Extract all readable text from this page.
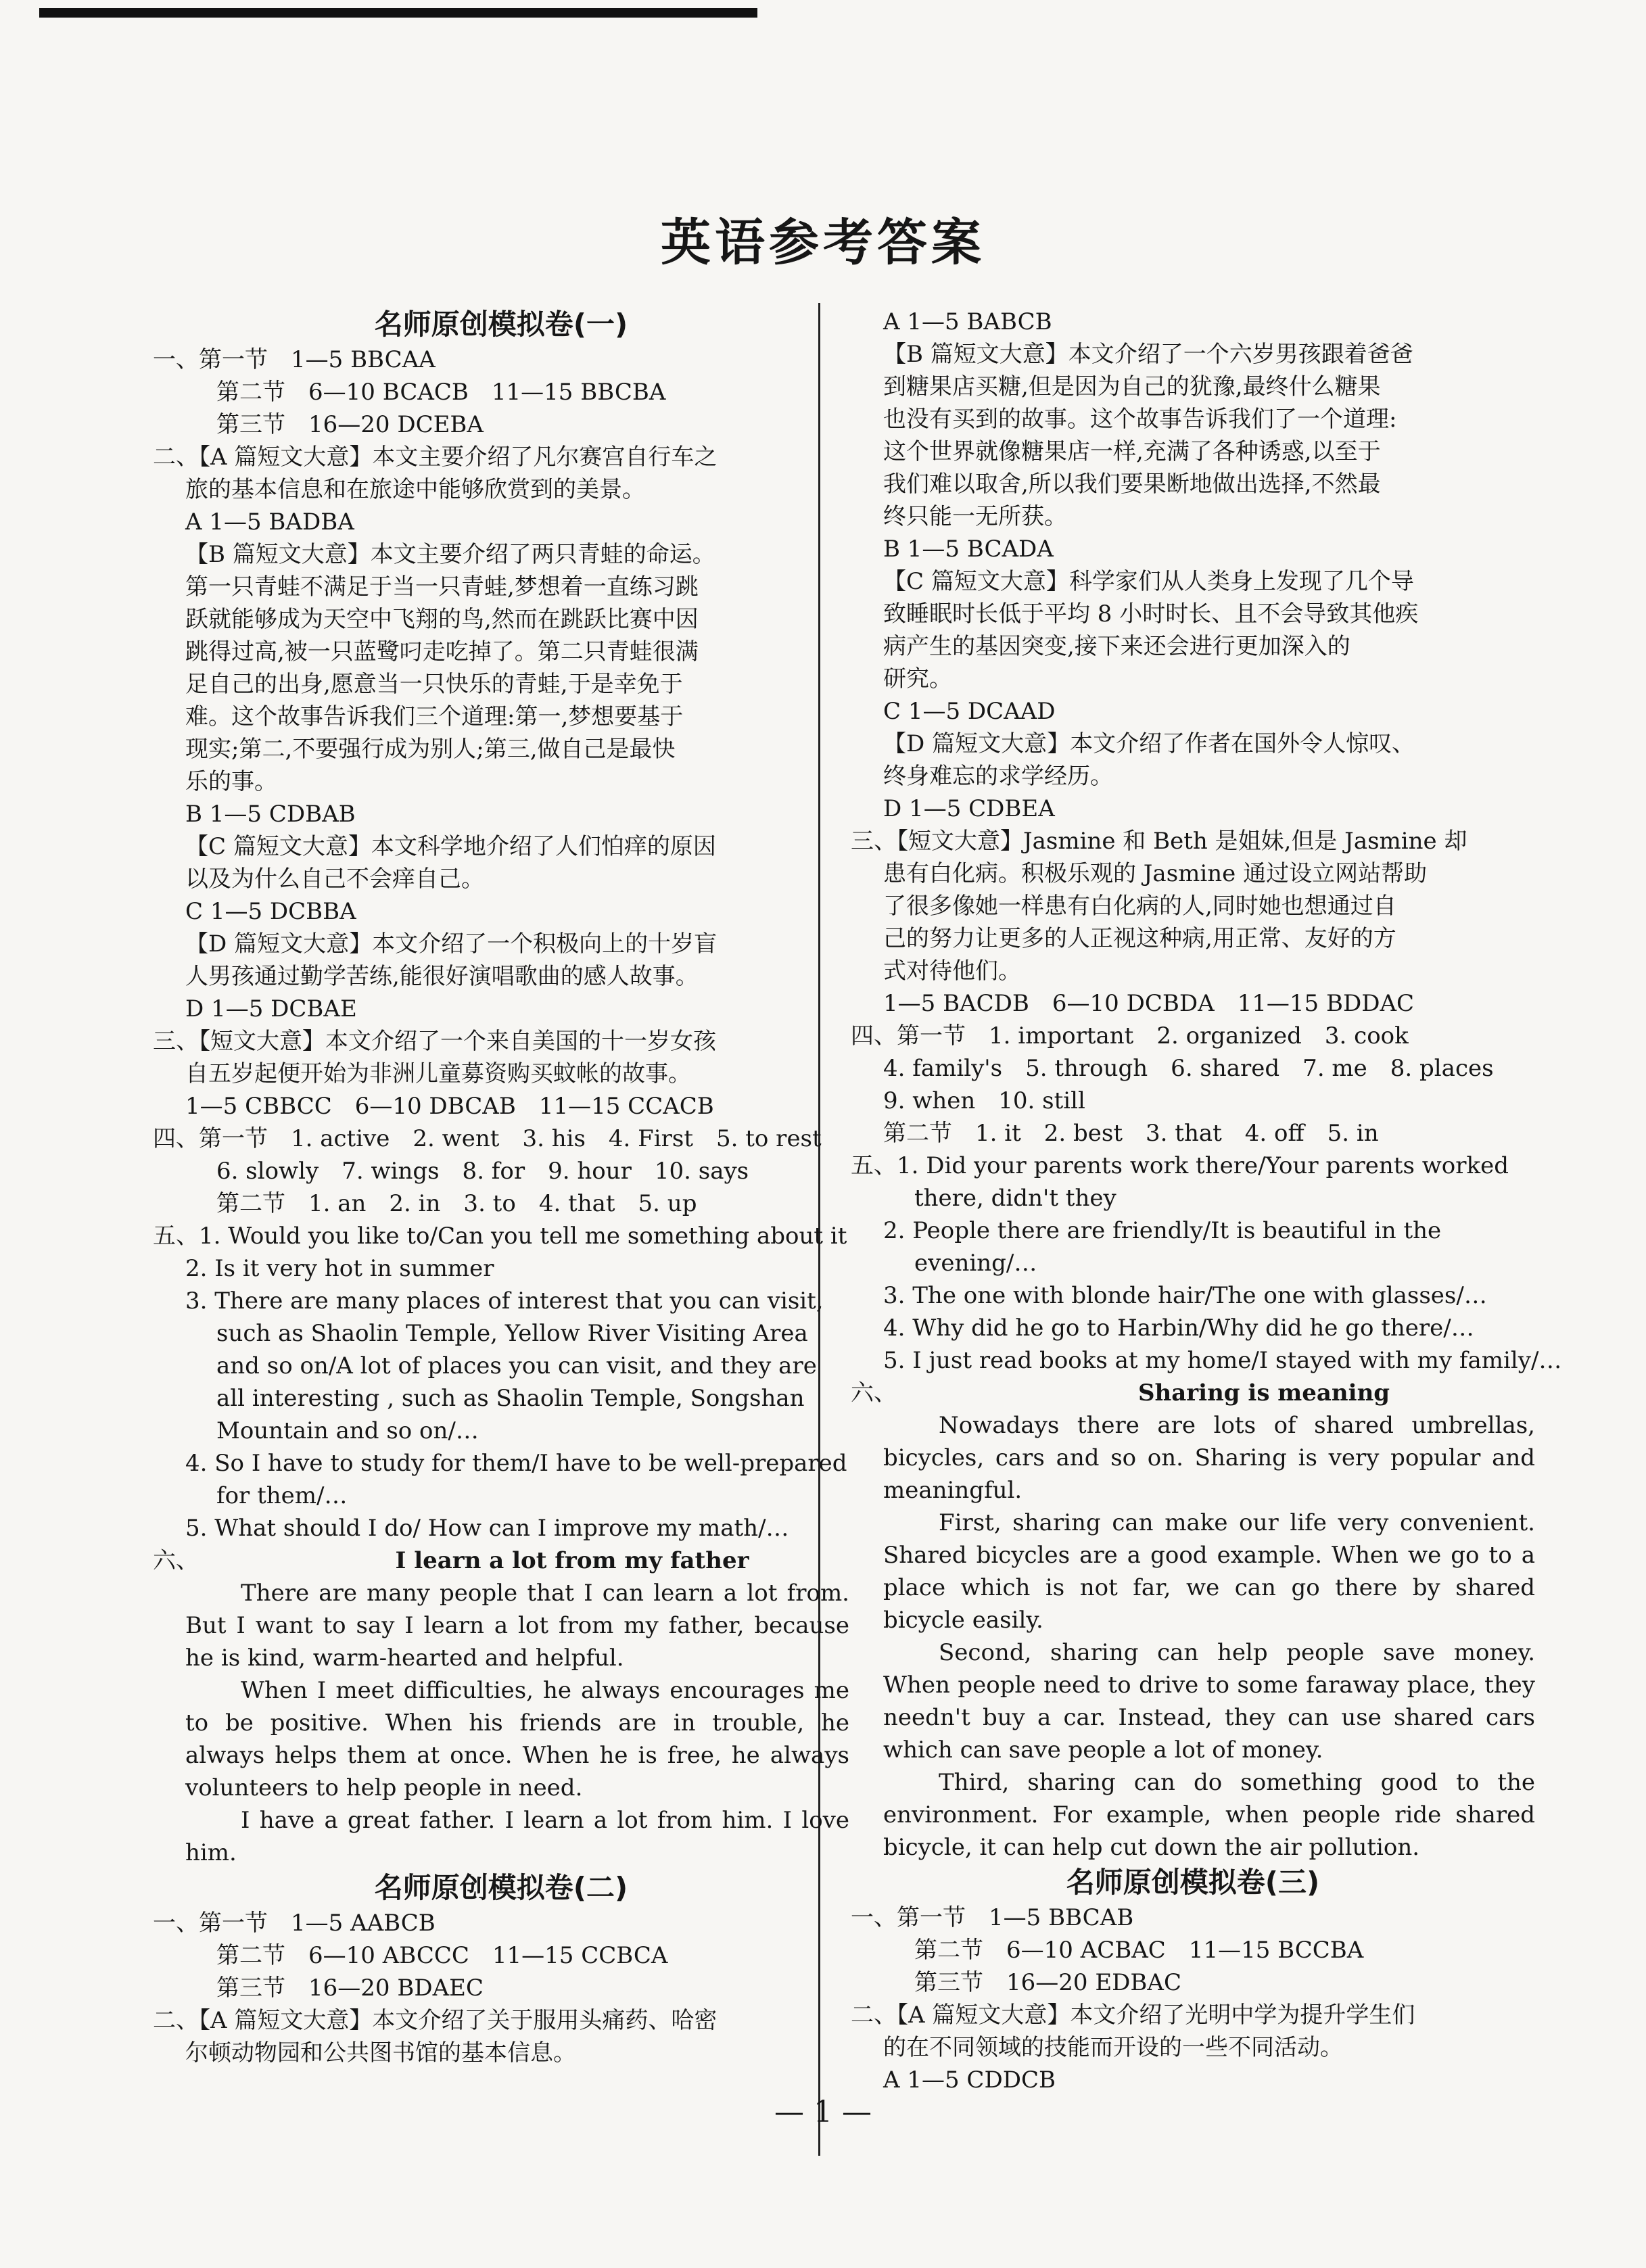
英语参考答案

名师原创模拟卷(一)

一、第一节　1—5 BBCAA

第二节　6—10 BCACB　11—15 BBCBA

第三节　16—20 DCEBA

二、【A 篇短文大意】本文主要介绍了凡尔赛宫自行车之

旅的基本信息和在旅途中能够欣赏到的美景。

A 1—5 BADBA

【B 篇短文大意】本文主要介绍了两只青蛙的命运。

第一只青蛙不满足于当一只青蛙,梦想着一直练习跳

跃就能够成为天空中飞翔的鸟,然而在跳跃比赛中因

跳得过高,被一只蓝鹭叼走吃掉了。第二只青蛙很满

足自己的出身,愿意当一只快乐的青蛙,于是幸免于

难。这个故事告诉我们三个道理:第一,梦想要基于

现实;第二,不要强行成为别人;第三,做自己是最快

乐的事。

B 1—5 CDBAB

【C 篇短文大意】本文科学地介绍了人们怕痒的原因

以及为什么自己不会痒自己。

C 1—5 DCBBA

【D 篇短文大意】本文介绍了一个积极向上的十岁盲

人男孩通过勤学苦练,能很好演唱歌曲的感人故事。

D 1—5 DCBAE

三、【短文大意】本文介绍了一个来自美国的十一岁女孩

自五岁起便开始为非洲儿童募资购买蚊帐的故事。

1—5 CBBCC　6—10 DBCAB　11—15 CCACB

四、第一节　1. active　2. went　3. his　4. First　5. to rest

6. slowly　7. wings　8. for　9. hour　10. says

第二节　1. an　2. in　3. to　4. that　5. up

五、1. Would you like to/Can you tell me something about it

2. Is it very hot in summer

3. There are many places of interest that you can visit,

such as Shaolin Temple, Yellow River Visiting Area

and so on/A lot of places you can visit, and they are

all interesting , such as Shaolin Temple, Songshan

Mountain and so on/…

4. So I have to study for them/I have to be well-prepared

for them/…

5. What should I do/ How can I improve my math/…

六、	I learn a lot from my father

There are many people that I can learn a lot from. But I want to say I learn a lot from my father, because he is kind, warm-hearted and helpful.

When I meet difficulties, he always encourages me to be positive. When his friends are in trouble, he always helps them at once. When he is free, he always volunteers to help people in need.

I have a great father. I learn a lot from him. I love him.

名师原创模拟卷(二)

一、第一节　1—5 AABCB

第二节　6—10 ABCCC　11—15 CCBCA

第三节　16—20 BDAEC

二、【A 篇短文大意】本文介绍了关于服用头痛药、哈密

尔顿动物园和公共图书馆的基本信息。

A 1—5 BABCB

【B 篇短文大意】本文介绍了一个六岁男孩跟着爸爸

到糖果店买糖,但是因为自己的犹豫,最终什么糖果

也没有买到的故事。这个故事告诉我们了一个道理:

这个世界就像糖果店一样,充满了各种诱惑,以至于

我们难以取舍,所以我们要果断地做出选择,不然最

终只能一无所获。

B 1—5 BCADA

【C 篇短文大意】科学家们从人类身上发现了几个导

致睡眠时长低于平均 8 小时时长、且不会导致其他疾

病产生的基因突变,接下来还会进行更加深入的

研究。

C 1—5 DCAAD

【D 篇短文大意】本文介绍了作者在国外令人惊叹、

终身难忘的求学经历。

D 1—5 CDBEA

三、【短文大意】Jasmine 和 Beth 是姐妹,但是 Jasmine 却

患有白化病。积极乐观的 Jasmine 通过设立网站帮助

了很多像她一样患有白化病的人,同时她也想通过自

己的努力让更多的人正视这种病,用正常、友好的方

式对待他们。

1—5 BACDB　6—10 DCBDA　11—15 BDDAC

四、第一节　1. important　2. organized　3. cook

4. family's　5. through　6. shared　7. me　8. places

9. when　10. still

第二节　1. it　2. best　3. that　4. off　5. in

五、1. Did your parents work there/Your parents worked

there, didn't they

2. People there are friendly/It is beautiful in the

evening/…

3. The one with blonde hair/The one with glasses/…

4. Why did he go to Harbin/Why did he go there/…

5. I just read books at my home/I stayed with my family/…

六、	Sharing is meaning

Nowadays there are lots of shared umbrellas, bicycles, cars and so on. Sharing is very popular and meaningful.

First, sharing can make our life very convenient. Shared bicycles are a good example. When we go to a place which is not far, we can go there by shared bicycle easily.

Second, sharing can help people save money. When people need to drive to some faraway place, they needn't buy a car. Instead, they can use shared cars which can save people a lot of money.

Third, sharing can do something good to the environment. For example, when people ride shared bicycle, it can help cut down the air pollution.

名师原创模拟卷(三)

一、第一节　1—5 BBCAB

第二节　6—10 ACBAC　11—15 BCCBA

第三节　16—20 EDBAC

二、【A 篇短文大意】本文介绍了光明中学为提升学生们

的在不同领域的技能而开设的一些不同活动。

A 1—5 CDDCB

— 1 —
